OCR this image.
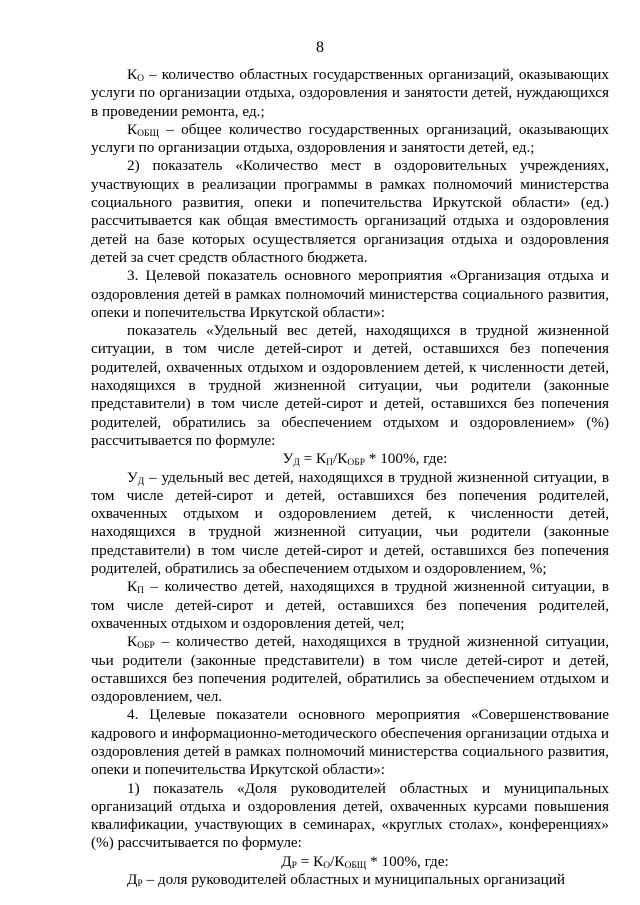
8

$К_О$ – количество областных государственных организаций, оказывающих услуги по организации отдыха, оздоровления и занятости детей, нуждающихся в проведении ремонта, ед.;

$К_{ОБЩ}$ – общее количество государственных организаций, оказывающих услуги по организации отдыха, оздоровления и занятости детей, ед.;

2) показатель «Количество мест в оздоровительных учреждениях, участвующих в реализации программы в рамках полномочий министерства социального развития, опеки и попечительства Иркутской области» (ед.) рассчитывается как общая вместимость организаций отдыха и оздоровления детей на базе которых осуществляется организация отдыха и оздоровления детей за счет средств областного бюджета.

3. Целевой показатель основного мероприятия «Организация отдыха и оздоровления детей в рамках полномочий министерства социального развития, опеки и попечительства Иркутской области»:

показатель «Удельный вес детей, находящихся в трудной жизненной ситуации, в том числе детей-сирот и детей, оставшихся без попечения родителей, охваченных отдыхом и оздоровлением детей, к численности детей, находящихся в трудной жизненной ситуации, чьи родители (законные представители) в том числе детей-сирот и детей, оставшихся без попечения родителей, обратились за обеспечением отдыхом и оздоровлением» (%) рассчитывается по формуле:

$У_Д = К_П/К_{ОБР} * 100\%$, где:

$У_Д$ – удельный вес детей, находящихся в трудной жизненной ситуации, в том числе детей-сирот и детей, оставшихся без попечения родителей, охваченных отдыхом и оздоровлением детей, к численности детей, находящихся в трудной жизненной ситуации, чьи родители (законные представители) в том числе детей-сирот и детей, оставшихся без попечения родителей, обратились за обеспечением отдыхом и оздоровлением, %;

$К_П$ – количество детей, находящихся в трудной жизненной ситуации, в том числе детей-сирот и детей, оставшихся без попечения родителей, охваченных отдыхом и оздоровления детей, чел;

$К_{ОБР}$ – количество детей, находящихся в трудной жизненной ситуации, чьи родители (законные представители) в том числе детей-сирот и детей, оставшихся без попечения родителей, обратились за обеспечением отдыхом и оздоровлением, чел.

4. Целевые показатели основного мероприятия «Совершенствование кадрового и информационно-методического обеспечения организации отдыха и оздоровления детей в рамках полномочий министерства социального развития, опеки и попечительства Иркутской области»:

1) показатель «Доля руководителей областных и муниципальных организаций отдыха и оздоровления детей, охваченных курсами повышения квалификации, участвующих в семинарах, «круглых столах», конференциях» (%) рассчитывается по формуле:

$Д_Р = К_О/К_{ОБЩ} * 100\%$, где:

$Д_Р$ – доля руководителей областных и муниципальных организаций
